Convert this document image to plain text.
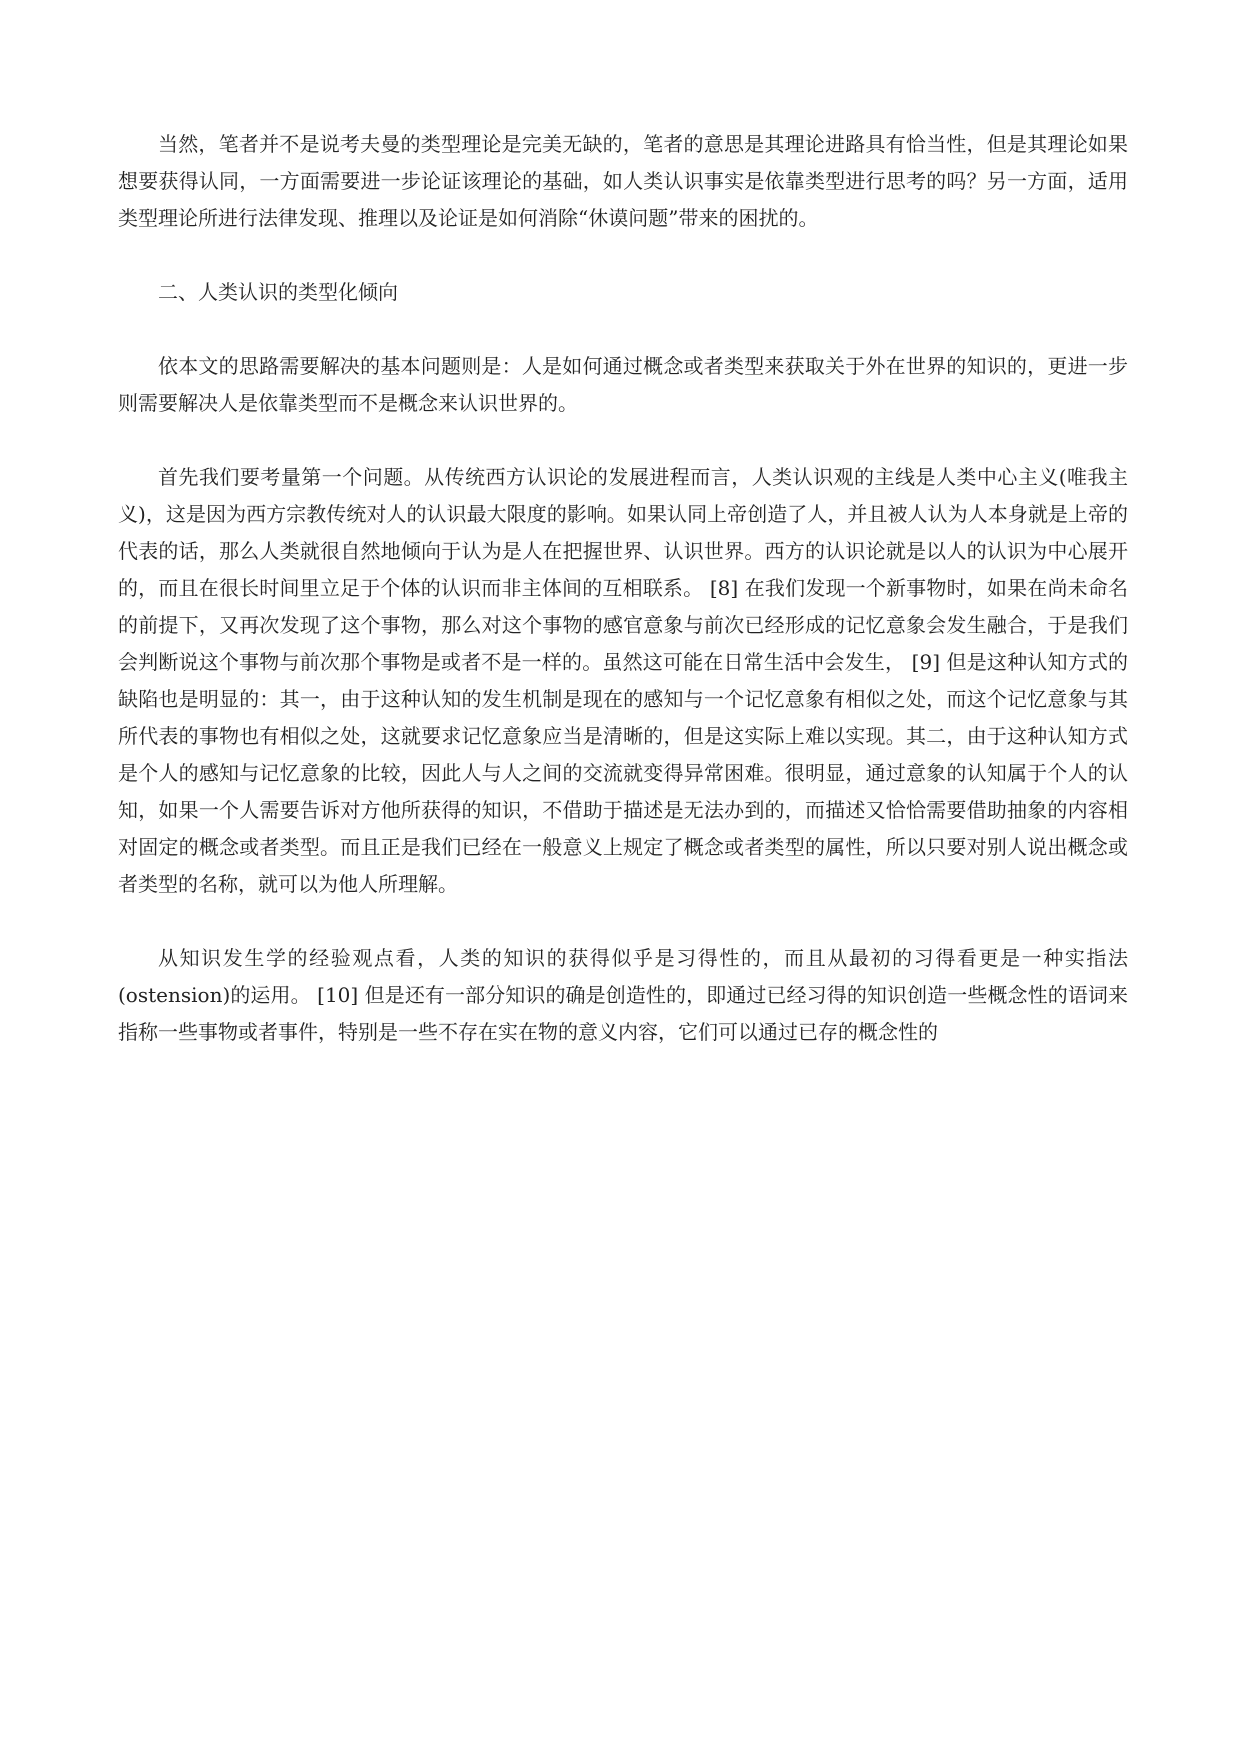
当然，笔者并不是说考夫曼的类型理论是完美无缺的，笔者的意思是其理论进路具有恰当性，但是其理论如果想要获得认同，一方面需要进一步论证该理论的基础，如人类认识事实是依靠类型进行思考的吗？另一方面，适用类型理论所进行法律发现、推理以及论证是如何消除“休谟问题”带来的困扰的。

二、人类认识的类型化倾向

依本文的思路需要解决的基本问题则是：人是如何通过概念或者类型来获取关于外在世界的知识的，更进一步则需要解决人是依靠类型而不是概念来认识世界的。

首先我们要考量第一个问题。从传统西方认识论的发展进程而言，人类认识观的主线是人类中心主义(唯我主义)，这是因为西方宗教传统对人的认识最大限度的影响。如果认同上帝创造了人，并且被人认为人本身就是上帝的代表的话，那么人类就很自然地倾向于认为是人在把握世界、认识世界。西方的认识论就是以人的认识为中心展开的，而且在很长时间里立足于个体的认识而非主体间的互相联系。 [8] 在我们发现一个新事物时，如果在尚未命名的前提下，又再次发现了这个事物，那么对这个事物的感官意象与前次已经形成的记忆意象会发生融合，于是我们会判断说这个事物与前次那个事物是或者不是一样的。虽然这可能在日常生活中会发生， [9] 但是这种认知方式的缺陷也是明显的：其一，由于这种认知的发生机制是现在的感知与一个记忆意象有相似之处，而这个记忆意象与其所代表的事物也有相似之处，这就要求记忆意象应当是清晰的，但是这实际上难以实现。其二，由于这种认知方式是个人的感知与记忆意象的比较，因此人与人之间的交流就变得异常困难。很明显，通过意象的认知属于个人的认知，如果一个人需要告诉对方他所获得的知识，不借助于描述是无法办到的，而描述又恰恰需要借助抽象的内容相对固定的概念或者类型。而且正是我们已经在一般意义上规定了概念或者类型的属性，所以只要对别人说出概念或者类型的名称，就可以为他人所理解。

从知识发生学的经验观点看，人类的知识的获得似乎是习得性的，而且从最初的习得看更是一种实指法(ostension)的运用。 [10] 但是还有一部分知识的确是创造性的，即通过已经习得的知识创造一些概念性的语词来指称一些事物或者事件，特别是一些不存在实在物的意义内容，它们可以通过已存的概念性的
